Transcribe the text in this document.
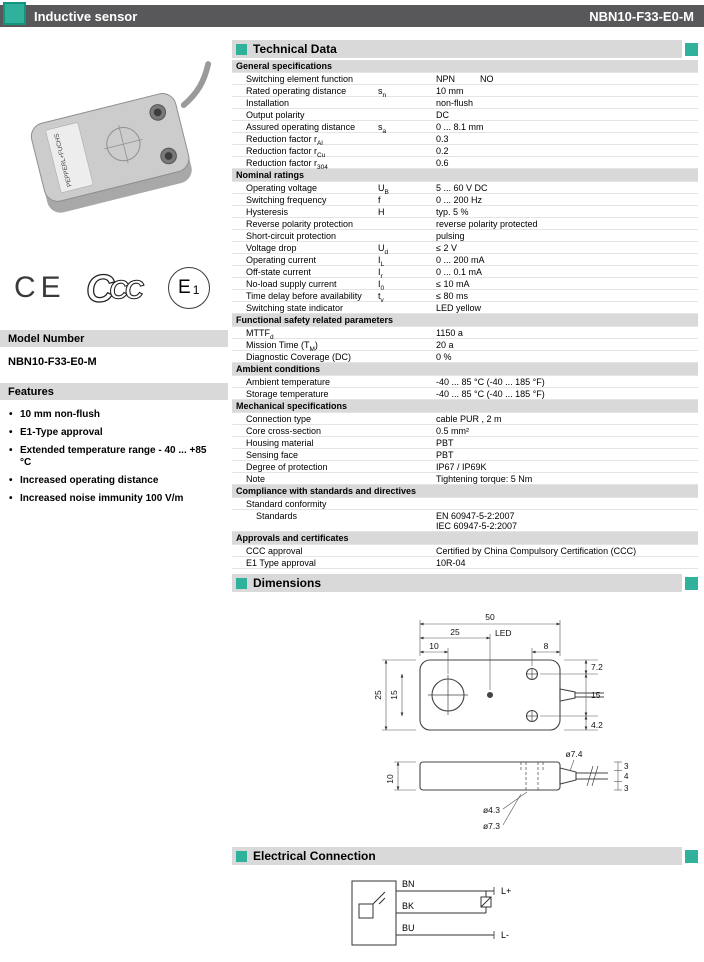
Inductive sensor	NBN10-F33-E0-M
PEPPERL+FUCHS
CE C
C
C E 1
Model Number
NBN10-F33-E0-M
Features
• 10 mm non-flush
• E1-Type approval
• Extended temperature range - 40 ... +85 °C
• Increased operating distance
• Increased noise immunity 100 V/m
Technical Data
General specifications
Switching element function	NPN          NO
Rated operating distance	$s_n$	10 mm
Installation	non-flush
Output polarity	DC
Assured operating distance	$s_a$	0 ... 8.1 mm
Reduction factor $r_{Al}$	0.3
Reduction factor $r_{Cu}$	0.2
Reduction factor $r_{304}$	0.6
Nominal ratings
Operating voltage	$U_B$	5 ... 60 V DC
Switching frequency	f	0 ... 200 Hz
Hysteresis	H	typ. 5 %
Reverse polarity protection	reverse polarity protected
Short-circuit protection	pulsing
Voltage drop	$U_d$	≤ 2 V
Operating current	$I_L$	0 ... 200 mA
Off-state current	$I_r$	0 ... 0.1 mA
No-load supply current	$I_0$	≤ 10 mA
Time delay before availability	$t_v$	≤ 80 ms
Switching state indicator	LED yellow
Functional safety related parameters
$MTTF_d$	1150 a
Mission Time $(T_M)$	20 a
Diagnostic Coverage (DC)	0 %
Ambient conditions
Ambient temperature	-40 ... 85 °C (-40 ... 185 °F)
Storage temperature	-40 ... 85 °C (-40 ... 185 °F)
Mechanical specifications
Connection type	cable PUR , 2 m
Core cross-section	0.5 mm²
Housing material	PBT
Sensing face	PBT
Degree of protection	IP67 / IP69K
Note	Tightening torque: 5 Nm
Compliance with standards and directives
Standard conformity
Standards	EN 60947-5-2:2007
IEC 60947-5-2:2007
Approvals and certificates
CCC approval	Certified by China Compulsory Certification (CCC)
E1 Type approval	10R-04
Dimensions
50
25
10
LED
8
25 15
7.2
15
4.2
ø7.4
10
3
4
3
ø4.3
ø7.3
Electrical Connection
BN
BK
BU
L+
L-
